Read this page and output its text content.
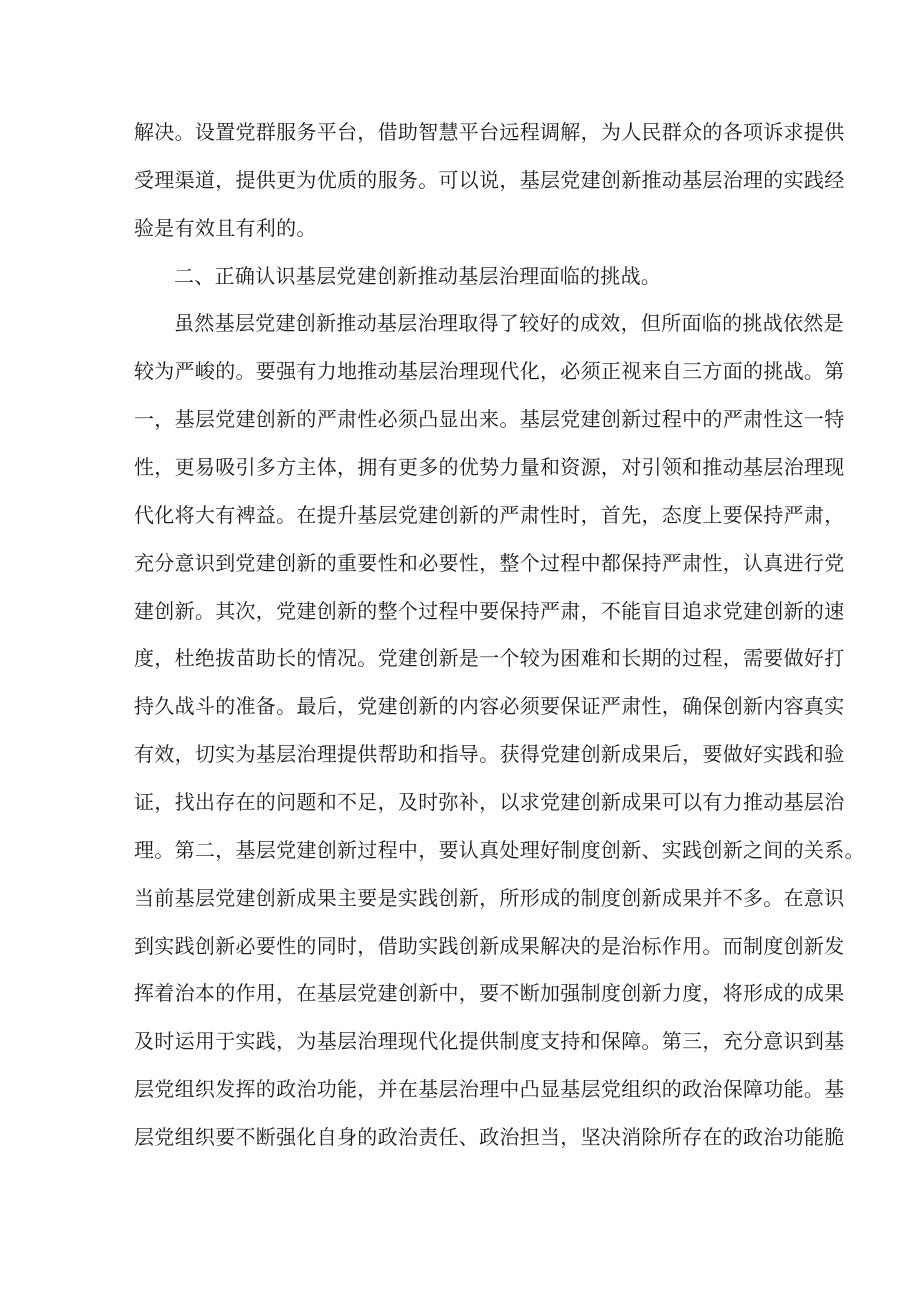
解决。设置党群服务平台，借助智慧平台远程调解，为人民群众的各项诉求提供
受理渠道，提供更为优质的服务。可以说，基层党建创新推动基层治理的实践经
验是有效且有利的。
二、正确认识基层党建创新推动基层治理面临的挑战。
虽然基层党建创新推动基层治理取得了较好的成效，但所面临的挑战依然是
较为严峻的。要强有力地推动基层治理现代化，必须正视来自三方面的挑战。第
一，基层党建创新的严肃性必须凸显出来。基层党建创新过程中的严肃性这一特
性，更易吸引多方主体，拥有更多的优势力量和资源，对引领和推动基层治理现
代化将大有裨益。在提升基层党建创新的严肃性时，首先，态度上要保持严肃，
充分意识到党建创新的重要性和必要性，整个过程中都保持严肃性，认真进行党
建创新。其次，党建创新的整个过程中要保持严肃，不能盲目追求党建创新的速
度，杜绝拔苗助长的情况。党建创新是一个较为困难和长期的过程，需要做好打
持久战斗的准备。最后，党建创新的内容必须要保证严肃性，确保创新内容真实
有效，切实为基层治理提供帮助和指导。获得党建创新成果后，要做好实践和验
证，找出存在的问题和不足，及时弥补，以求党建创新成果可以有力推动基层治
理。第二，基层党建创新过程中，要认真处理好制度创新、实践创新之间的关系。
当前基层党建创新成果主要是实践创新，所形成的制度创新成果并不多。在意识
到实践创新必要性的同时，借助实践创新成果解决的是治标作用。而制度创新发
挥着治本的作用，在基层党建创新中，要不断加强制度创新力度，将形成的成果
及时运用于实践，为基层治理现代化提供制度支持和保障。第三，充分意识到基
层党组织发挥的政治功能，并在基层治理中凸显基层党组织的政治保障功能。基
层党组织要不断强化自身的政治责任、政治担当，坚决消除所存在的政治功能脆
